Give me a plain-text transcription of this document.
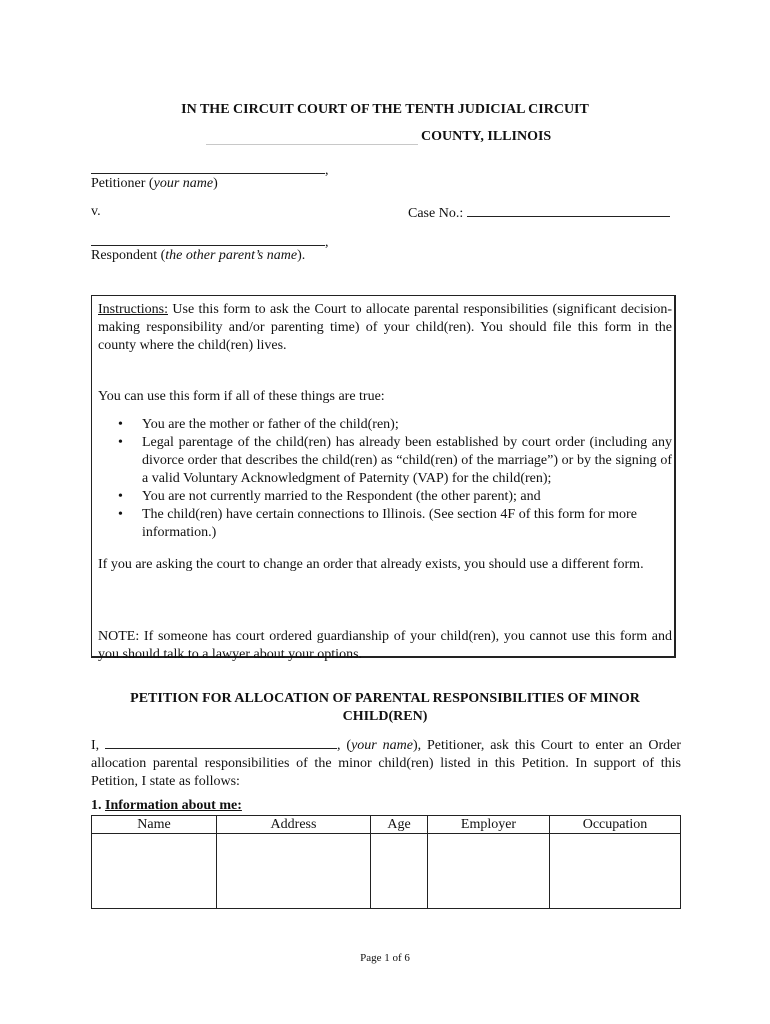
IN THE CIRCUIT COURT OF THE TENTH JUDICIAL CIRCUIT
COUNTY, ILLINOIS
,
Petitioner (your name)
v.	Case No.:
,
Respondent (the other parent’s name).
Instructions: Use this form to ask the Court to allocate parental responsibilities (significant decision-making responsibility and/or parenting time) of your child(ren). You should file this form in the county where the child(ren) lives.
You can use this form if all of these things are true:
• You are the mother or father of the child(ren);
• Legal parentage of the child(ren) has already been established by court order (including any divorce order that describes the child(ren) as “child(ren) of the marriage”) or by the signing of a valid Voluntary Acknowledgment of Paternity (VAP) for the child(ren);
• You are not currently married to the Respondent (the other parent); and
• The child(ren) have certain connections to Illinois. (See section 4F of this form for more information.)
If you are asking the court to change an order that already exists, you should use a different form.
NOTE: If someone has court ordered guardianship of your child(ren), you cannot use this form and you should talk to a lawyer about your options.
PETITION FOR ALLOCATION OF PARENTAL RESPONSIBILITIES OF MINOR CHILD(REN)
I,	, (your name), Petitioner, ask this Court to enter an Order allocation parental responsibilities of the minor child(ren) listed in this Petition. In support of this Petition, I state as follows:
1. Information about me:
Name	Address	Age	Employer	Occupation

Page 1 of 6
